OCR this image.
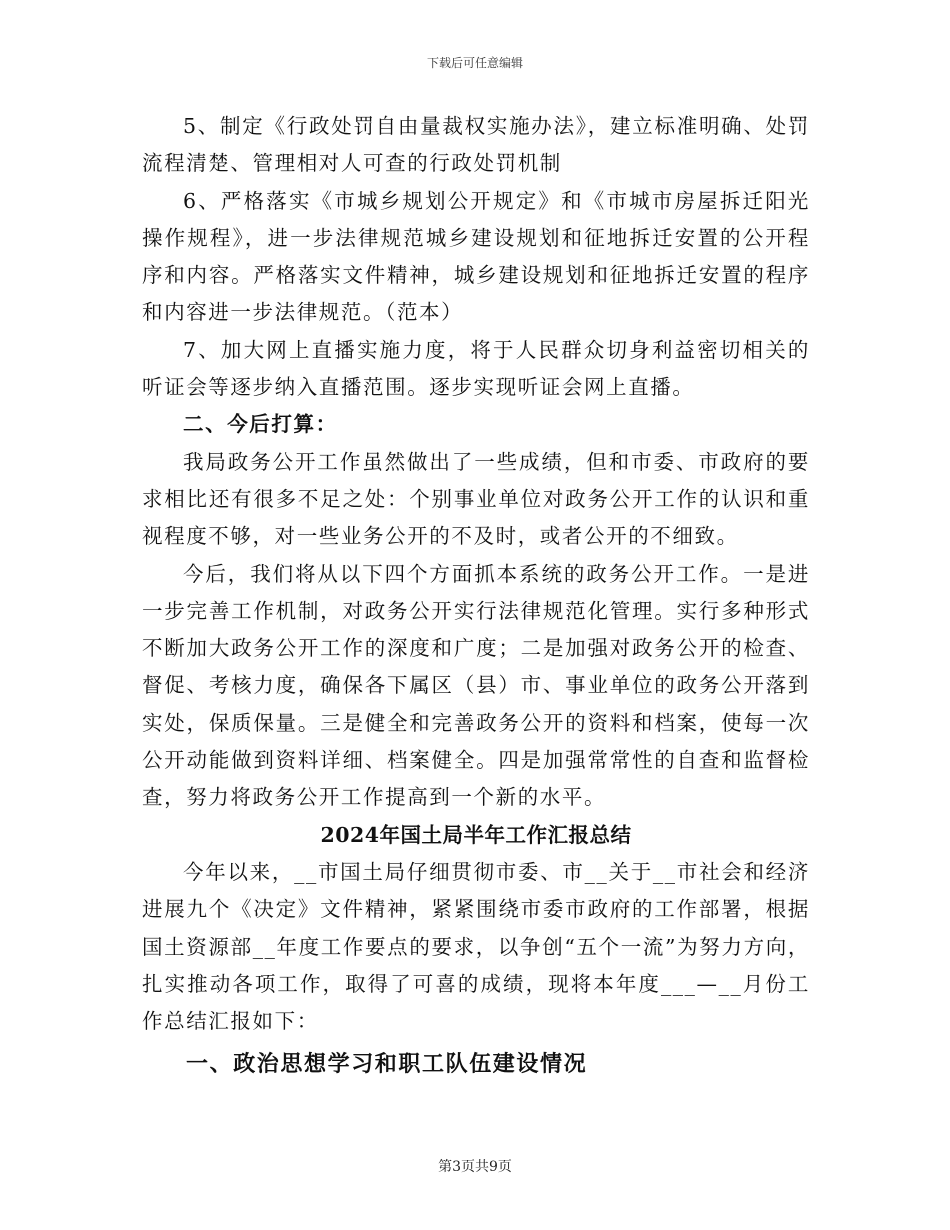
下载后可任意编辑

5、制定《行政处罚自由量裁权实施办法》，建立标准明确、处罚流程清楚、管理相对人可查的行政处罚机制

6、严格落实《市城乡规划公开规定》和《市城市房屋拆迁阳光操作规程》，进一步法律规范城乡建设规划和征地拆迁安置的公开程序和内容。严格落实文件精神，城乡建设规划和征地拆迁安置的程序和内容进一步法律规范。（范本）

7、加大网上直播实施力度，将于人民群众切身利益密切相关的听证会等逐步纳入直播范围。逐步实现听证会网上直播。

二、今后打算：

我局政务公开工作虽然做出了一些成绩，但和市委、市政府的要求相比还有很多不足之处：个别事业单位对政务公开工作的认识和重视程度不够，对一些业务公开的不及时，或者公开的不细致。

今后，我们将从以下四个方面抓本系统的政务公开工作。一是进一步完善工作机制，对政务公开实行法律规范化管理。实行多种形式不断加大政务公开工作的深度和广度；二是加强对政务公开的检查、督促、考核力度，确保各下属区（县）市、事业单位的政务公开落到实处，保质保量。三是健全和完善政务公开的资料和档案，使每一次公开动能做到资料详细、档案健全。四是加强常常性的自查和监督检查，努力将政务公开工作提高到一个新的水平。

2024年国土局半年工作汇报总结

今年以来，__市国土局仔细贯彻市委、市__关于__市社会和经济进展九个《决定》文件精神，紧紧围绕市委市政府的工作部署，根据国土资源部__年度工作要点的要求，以争创“五个一流”为努力方向，扎实推动各项工作，取得了可喜的成绩，现将本年度___—__月份工作总结汇报如下：

一、政治思想学习和职工队伍建设情况

第3页共9页
